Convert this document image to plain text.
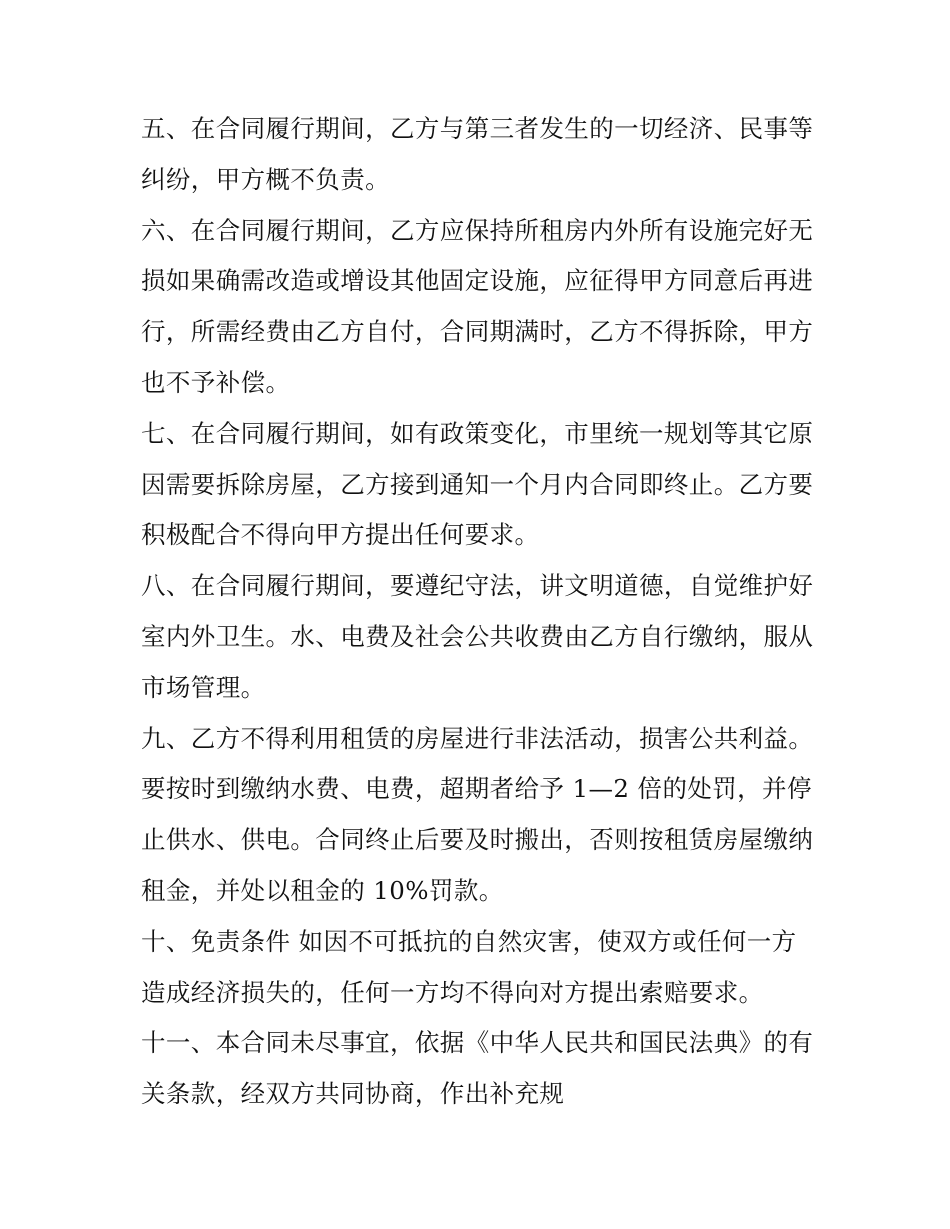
五、在合同履行期间，乙方与第三者发生的一切经济、民事等
纠纷，甲方概不负责。

六、在合同履行期间，乙方应保持所租房内外所有设施完好无
损如果确需改造或增设其他固定设施，应征得甲方同意后再进
行，所需经费由乙方自付，合同期满时，乙方不得拆除，甲方
也不予补偿。

七、在合同履行期间，如有政策变化，市里统一规划等其它原
因需要拆除房屋，乙方接到通知一个月内合同即终止。乙方要
积极配合不得向甲方提出任何要求。

八、在合同履行期间，要遵纪守法，讲文明道德，自觉维护好
室内外卫生。水、电费及社会公共收费由乙方自行缴纳，服从
市场管理。

九、乙方不得利用租赁的房屋进行非法活动，损害公共利益。
要按时到缴纳水费、电费，超期者给予 1—2 倍的处罚，并停
止供水、供电。合同终止后要及时搬出，否则按租赁房屋缴纳
租金，并处以租金的 10%罚款。

十、免责条件 如因不可抵抗的自然灾害，使双方或任何一方
造成经济损失的，任何一方均不得向对方提出索赔要求。

十一、本合同未尽事宜，依据《中华人民共和国民法典》的有
关条款，经双方共同协商，作出补充规
